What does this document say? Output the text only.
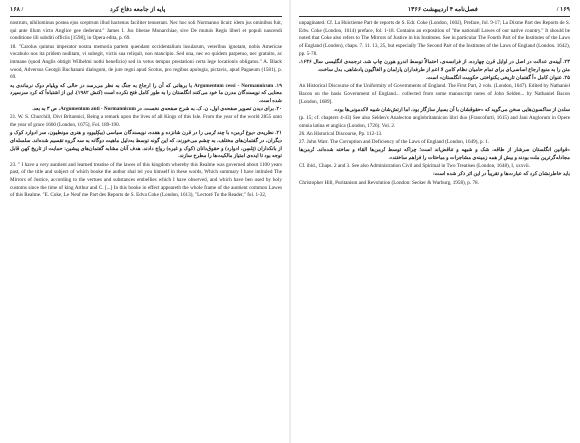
۱۶۸ /	پایه از جامعه دفاع کرد

nostrum, nihilominus postea ejus sceptrum illud hactenus faciliter tenuerant. Nec hoc soli Normanno licuit: idem jus ominibus fuit, qui ante illum victo Anglice gee dederunt." James I. Jus liberae Monarchiae, sive De mutuis Regis liberi et populi nascendi conditione illi subditi officiis [1598], in Opera edita, p. 69.

18. "Carolus quintus imperator nostra memoria partem quendam occidentalium insularum, veteribus ignotam, nobis Americae vocabulo nos ita pridem nuditam, vi subegit, victis sua reliquit, non mancipio. Sed una, nec eo quidem parpetuo, nec gratuito, ac immane (quod Anglis obtigit Wilhelmi nothi beneficio) sed in vetus tempus prestationi certa lege locationis obligatos." A. Black wood, Adversus Georgii Buchanani dialogum, de jure regni apud Scotus, pro regibus apologia, pictavis, apud Pagaeum (1581), p. 69.

۱۹. Argumentum cessi - Normannicum با برهانی که آن را ارجاع به جنگ به نظر می‌رسد در حالی که ویلیام دوک نرماندی به معنایی که نویسندگان مدرن ما خود می‌کنند انگلستان را به طور کامل فتح نکرده است (کنش ۱۹۸۲). این از اشتباه‌آ که کرد سرسپرد شده است.

۲۰. برای دیدن تصویر صفحه‌ی اول، ن. ک. به شرح صفحه‌ی نخست، در Argumentum anti - Normannicum، ص ۳ به بعد.

21. W. S. Churchill, Divi Britannici, Being a remark upon the lives of all Kings of this Isle. From the year of the world 2855 unto the year of grace 1660 (London, 1675), Fol. 189-190.

۲۱. نظریه‌ی «یوغ نُرمن» با چند تُرمی را در قرن شانزده و هفده، نویسندگان سیاسی (بیکِلیوود و هنری مونطیون، سر ادوارد کوک و دیگران، در گفتمان‌های مختلف، به چشم می‌خورند، که این گونه توسط به‌دلیل ماهیت دوگانه به سه گروه تقسیم شده‌اند. سلسله‌ای از بانکداران (تِلسِن، ادوارد) و حقوق‌دانان (کوک و غیره) رواج دادند. هدف آنان مشابه گفتمان‌های پیشین: حمایت از تاریخ کهن قابل توجه بود تا ایده‌ی امتیاز مالکیت‌ها را مطرح سازند.

23. " I have a very auntient and learned treatise of the lawes of this kingdom whereby this Realme was governed about 1100 years past, of the title and subject of which booke the author shal tel you himself in these words, Which summary I have intituled The Mirrors of Justice, according to the vertues and substances embellies which I have observed, and which have ben used by holy customs since the time of king Arthur and C. [...] In this booke in effect appeareth the whole frame of the auntient common Lawes of this Realme. "E. Coke, Le Neuf me Part des Reports de S. Edva Coke (London, 1613), "Lectoré To the Reader," fol. 1-32,

فصل‌نامه ۴ اردیبهشت ۱۳۶۶	/ ۱۶۹

unpaginated. Cf. La Huictieme Part de reports de S. Edr. Coke (London, 1602), Preface, fol. 9-17; La Dixme Part des Reports de S. Edw. Coke (London, 1614) preface, fol. 1-18. Contains an exposition of "the nationall Lawes of our native country." It should be noted that Coke also refers to The Mirrors of Justice in his Institutes. See in particular The Fourth Part of the Institutes of the Laws of England (London), chaps. 7. 11. 13, 25, but especially The Second Part of the Institutes of the Laws of England (London. 1642), pp. 5-78.

۲۳. آیینه‌ی عدالت در اصل در اوایل قرن چهارده، از فرانسه‌ی، احتمالاً توسط اندرو هورن چاپ شد. ترجمه‌ی انگلیسی سال ۱۶۴۶، متن را به منبع ارجاع اساسی‌ای برای تمام حامیان نظام کامن لا اعم از طرفداران پارلمان و الغاگیون پادشاهی، بدل ساخت.

۲۵. عنوان کامل «آ گفتمان تاریخی یکنواختی حکومت انگلستان» است.

An Historical Discourse of the Uniformity of Governments of England. The First Part, 2 vols. (London, 1647). Edited by Nathaniel Bacon on the basis Government of England... collected from some manuscript notes of John Selden... by Nathaniel Bacon [London, 1689].

سلدن از ساکسون‌هایی سخن می‌گوید که «حقوقشان با آن بسیار سازگار بود، اما ارتش‌شان شبیه لاکدمونی‌ها بود».

(p. 15; cf. chapters 4-43) See also Selden's Analecton anglobritannicon libri duo (Francofurti, 1615) and Jani Anglorum in Opere omnia latina et anglica (London, 1726). Vol. 2.

26. An Historical Discourse, Pp. 112-13.

27. John Warr. The Corruption and Deficiency of the Laws of England (London, 1649), p. 1.

«قوانین انگلستان سرشار از طاقه، شک و شبهه و تناقض‌اند است؛ چراکه توسط نُرمن‌ها القاء و ساخته شده‌اند. نُرمن‌ها مجادله‌گرترین ملت بودند و بیش از همه زمینه‌ی مشاجرات و مباحثات را فراهم ساختند».

Cf. ibid., Chaps. 2 and 3. See also Administration Civil and Spiritual in Two Treatises (London, 1648), I, xxxvii.

باید خاطرنشان کرد که عبارت‌ها و تقریباً در این اثر ذکر شده است:

Christopher Hill, Puritanism and Revolution (London: Secker & Warburg, 1958), p. 78.
